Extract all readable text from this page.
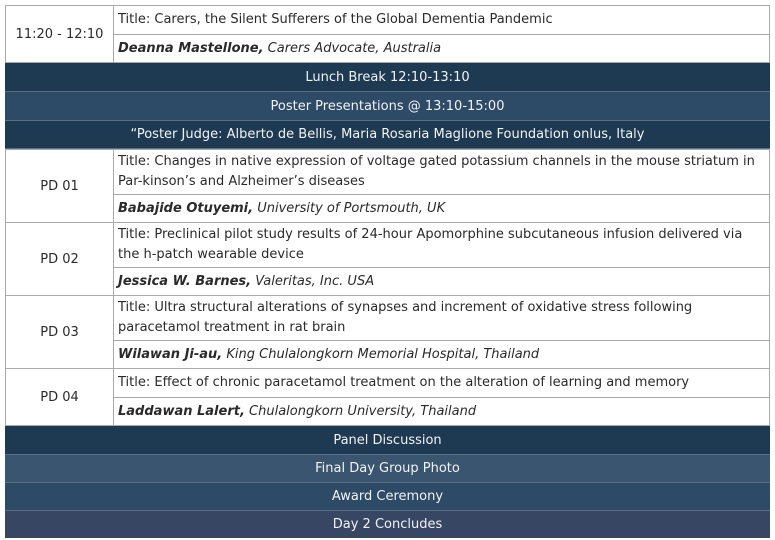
11:20 - 12:10
Title: Carers, the Silent Sufferers of the Global Dementia Pandemic
Deanna Mastellone, Carers Advocate, Australia
Lunch Break 12:10-13:10
Poster Presentations @ 13:10-15:00
“Poster Judge: Alberto de Bellis, Maria Rosaria Maglione Foundation onlus, Italy
PD 01
Title: Changes in native expression of voltage gated potassium channels in the mouse striatum in Par-kinson’s and Alzheimer’s diseases
Babajide Otuyemi, University of Portsmouth, UK
PD 02
Title: Preclinical pilot study results of 24-hour Apomorphine subcutaneous infusion delivered via the h-patch wearable device
Jessica W. Barnes, Valeritas, Inc. USA
PD 03
Title: Ultra structural alterations of synapses and increment of oxidative stress following paracetamol treatment in rat brain
Wilawan Ji-au, King Chulalongkorn Memorial Hospital, Thailand
PD 04
Title: Effect of chronic paracetamol treatment on the alteration of learning and memory
Laddawan Lalert, Chulalongkorn University, Thailand
Panel Discussion
Final Day Group Photo
Award Ceremony
Day 2 Concludes
